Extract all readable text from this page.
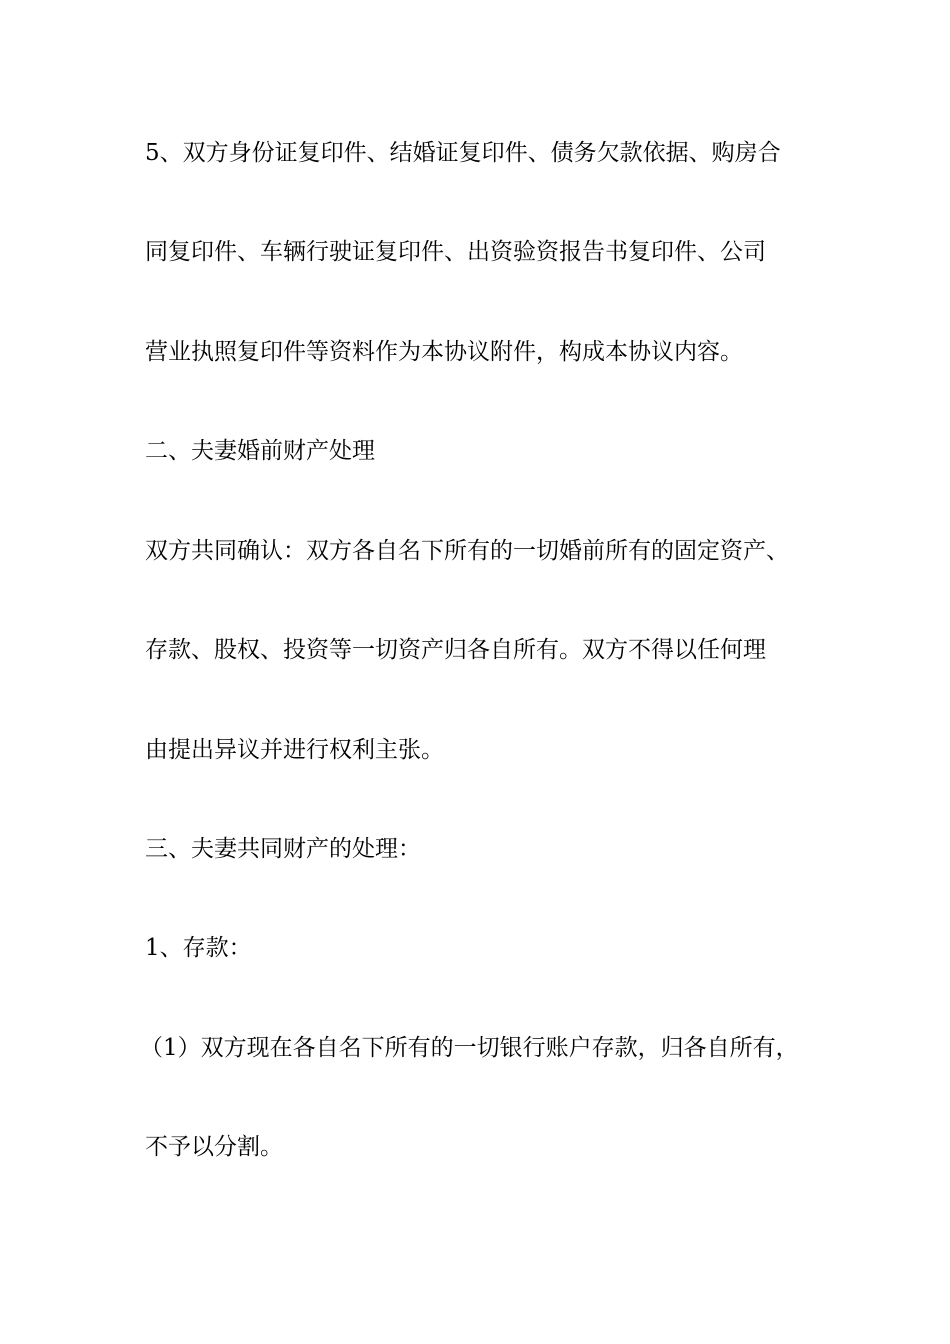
5、双方身份证复印件、结婚证复印件、债务欠款依据、购房合
同复印件、车辆行驶证复印件、出资验资报告书复印件、公司
营业执照复印件等资料作为本协议附件，构成本协议内容。
二、夫妻婚前财产处理
双方共同确认：双方各自名下所有的一切婚前所有的固定资产、
存款、股权、投资等一切资产归各自所有。双方不得以任何理
由提出异议并进行权利主张。
三、夫妻共同财产的处理：
1、存款：
（1）双方现在各自名下所有的一切银行账户存款，归各自所有，
不予以分割。
